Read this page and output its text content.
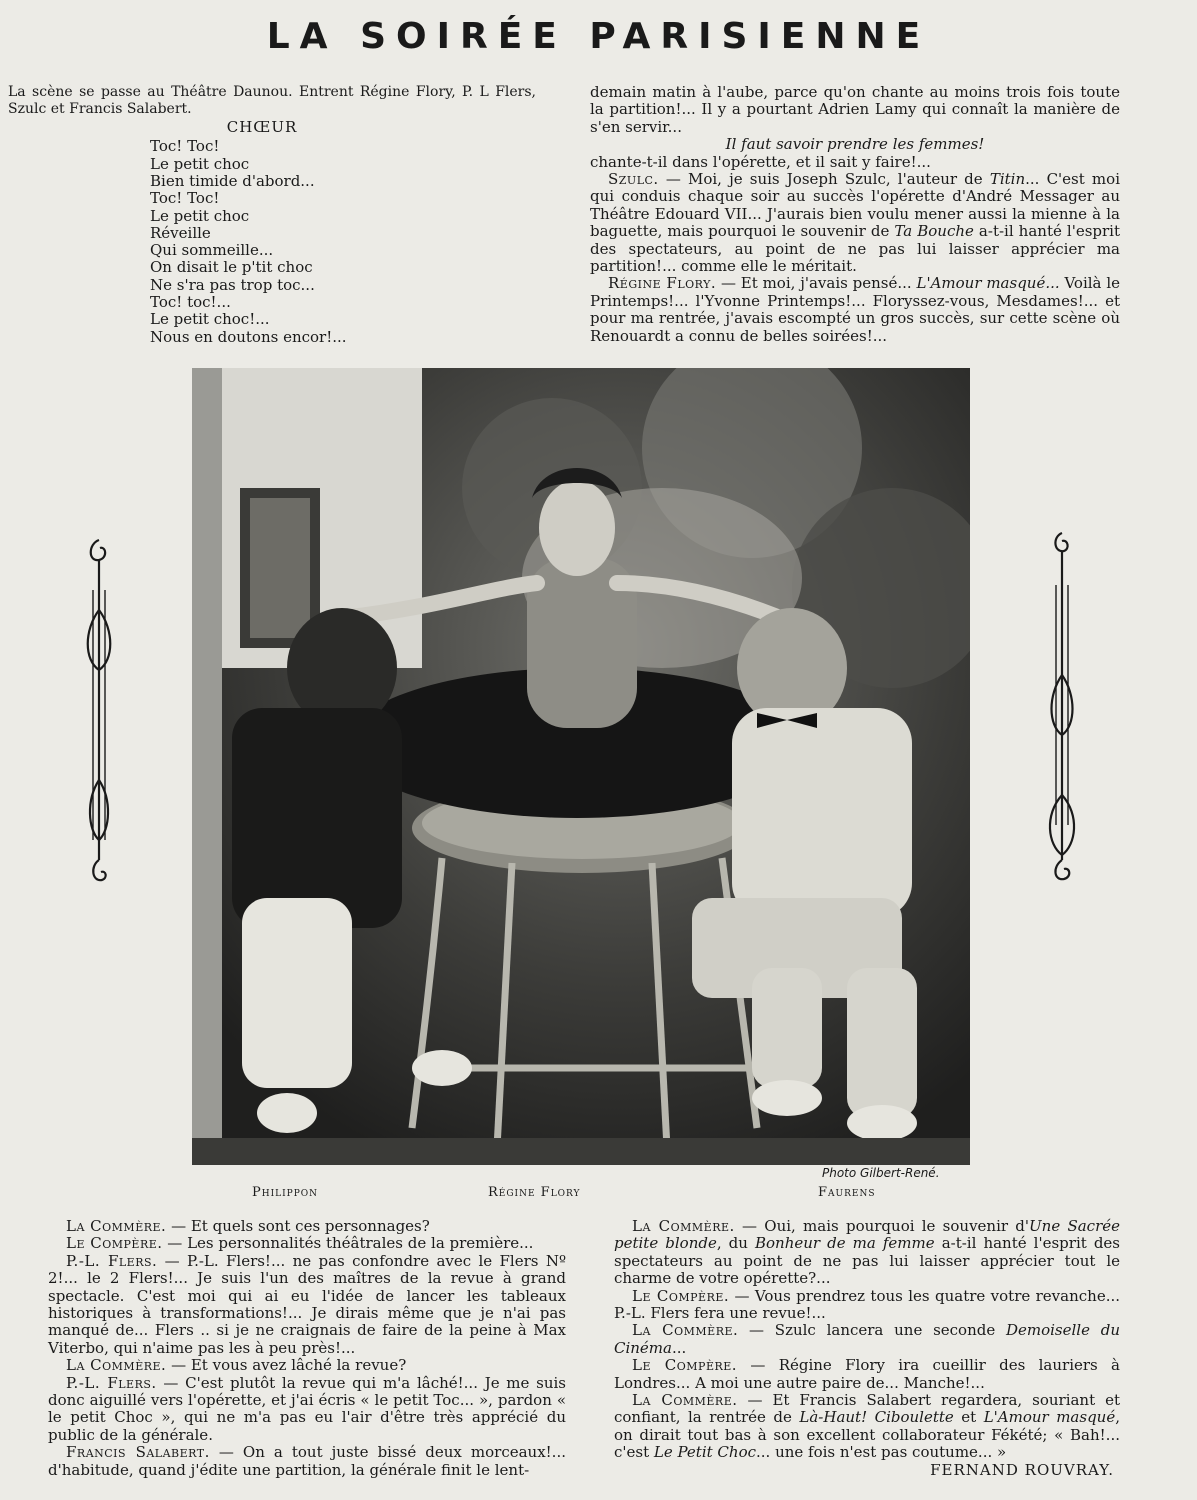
LA SOIRÉE PARISIENNE

La scène se passe au Théâtre Daunou. Entrent Régine Flory, P. L Flers, Szulc et Francis Salabert.

CHŒUR
Toc! Toc!
Le petit choc
Bien timide d'abord...
Toc! Toc!
Le petit choc
Réveille
Qui sommeille...
On disait le p'tit choc
Ne s'ra pas trop toc...
Toc! toc!...
Le petit choc!...
Nous en doutons encor!...

demain matin à l'aube, parce qu'on chante au moins trois fois toute la partition!... Il y a pourtant Adrien Lamy qui connaît la manière de s'en servir...

Il faut savoir prendre les femmes!

chante-t-il dans l'opérette, et il sait y faire!...

Szulc. — Moi, je suis Joseph Szulc, l'auteur de Titin... C'est moi qui conduis chaque soir au succès l'opérette d'André Messager au Théâtre Edouard VII... J'aurais bien voulu mener aussi la mienne à la baguette, mais pourquoi le souvenir de Ta Bouche a-t-il hanté l'esprit des spectateurs, au point de ne pas lui laisser apprécier ma partition!... comme elle le méritait.

Régine Flory. — Et moi, j'avais pensé... L'Amour masqué... Voilà le Printemps!... l'Yvonne Printemps!... Floryssez-vous, Mesdames!... et pour ma rentrée, j'avais escompté un gros succès, sur cette scène où Renouardt a connu de belles soirées!...

Photo Gilbert-René.
Philippon	Régine Flory	Faurens

La Commère. — Et quels sont ces personnages?

Le Compère. — Les personnalités théâtrales de la première...

P.-L. Flers. — P.-L. Flers!... ne pas confondre avec le Flers Nº 2!... le 2 Flers!... Je suis l'un des maîtres de la revue à grand spectacle. C'est moi qui ai eu l'idée de lancer les tableaux historiques à transformations!... Je dirais même que je n'ai pas manqué de... Flers .. si je ne craignais de faire de la peine à Max Viterbo, qui n'aime pas les à peu près!...

La Commère. — Et vous avez lâché la revue?

P.-L. Flers. — C'est plutôt la revue qui m'a lâché!... Je me suis donc aiguillé vers l'opérette, et j'ai écris « le petit Toc... », pardon « le petit Choc », qui ne m'a pas eu l'air d'être très apprécié du public de la générale.

Francis Salabert. — On a tout juste bissé deux morceaux!... d'habitude, quand j'édite une partition, la générale finit le lent-

La Commère. — Oui, mais pourquoi le souvenir d'Une Sacrée petite blonde, du Bonheur de ma femme a-t-il hanté l'esprit des spectateurs au point de ne pas lui laisser apprécier tout le charme de votre opérette?...

Le Compère. — Vous prendrez tous les quatre votre revanche... P.-L. Flers fera une revue!...

La Commère. — Szulc lancera une seconde Demoiselle du Cinéma...

Le Compère. — Régine Flory ira cueillir des lauriers à Londres... A moi une autre paire de... Manche!...

La Commère. — Et Francis Salabert regardera, souriant et confiant, la rentrée de Là-Haut! Ciboulette et L'Amour masqué, on dirait tout bas à son excellent collaborateur Fékété; « Bah!... c'est Le Petit Choc... une fois n'est pas coutume... »

FERNAND ROUVRAY.
